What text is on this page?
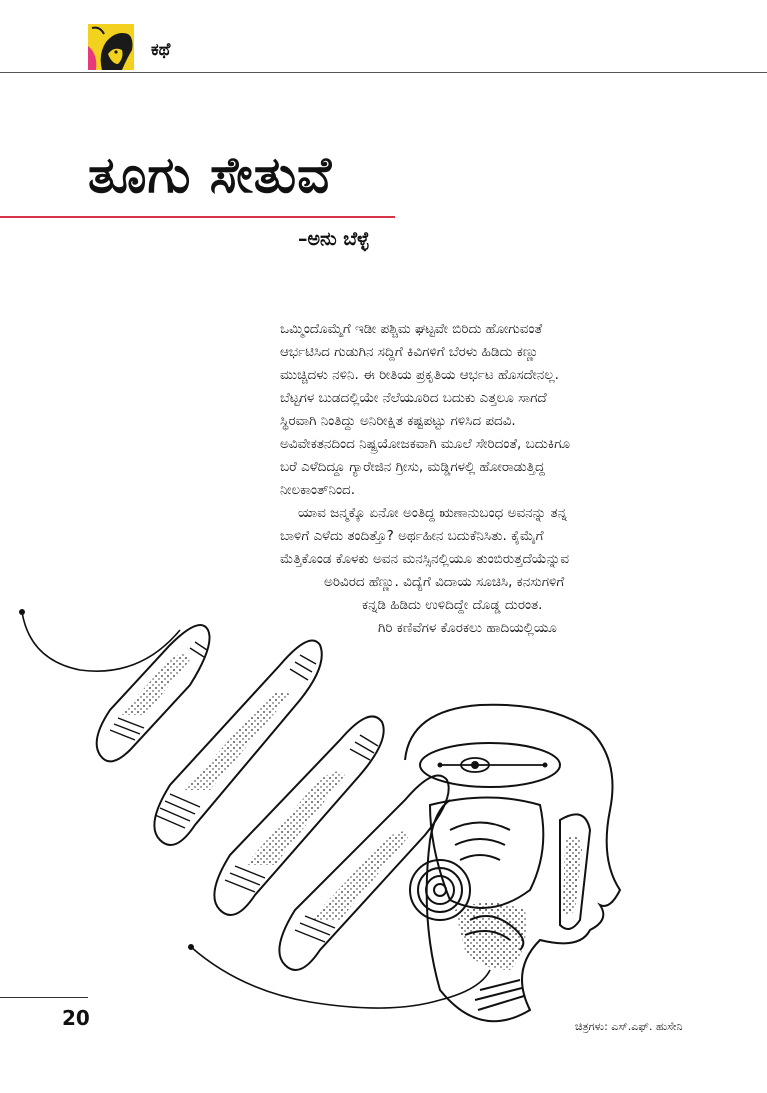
ಕಥೆ
ತೂಗು ಸೇತುವೆ
–ಅನು ಬೆಳ್ಳೆ

ಒಮ್ಮಿಂದೊಮ್ಮೆಗೆ ಇಡೀ ಪಶ್ಚಿಮ ಘಟ್ಟವೇ ಬಿರಿದು ಹೋಗುವಂತೆ
ಆರ್ಭಟಿಸಿದ ಗುಡುಗಿನ ಸದ್ದಿಗೆ ಕಿವಿಗಳಿಗೆ ಬೆರಳು ಹಿಡಿದು ಕಣ್ಣು
ಮುಚ್ಚಿದಳು ನಳಿನಿ. ಈ ರೀತಿಯ ಪ್ರಕೃತಿಯ ಆರ್ಭಟ ಹೊಸದೇನಲ್ಲ.
ಬೆಟ್ಟಗಳ ಬುಡದಲ್ಲಿಯೇ ನೆಲೆಯೂರಿದ ಬದುಕು ಎತ್ತಲೂ ಸಾಗದೆ
ಸ್ಥಿರವಾಗಿ ನಿಂತಿದ್ದು ಅನಿರೀಕ್ಷಿತ ಕಷ್ಟಪಟ್ಟು ಗಳಿಸಿದ ಪದವಿ.
ಅವಿವೇಕತನದಿಂದ ನಿಷ್ಪ್ರಯೋಜಕವಾಗಿ ಮೂಲೆ ಸೇರಿದಂತೆ, ಬದುಕಿಗೂ
ಬರೆ ಎಳೆದಿದ್ದೂ ಗ್ಯಾರೇಜಿನ ಗ್ರೀಸು, ಮಡ್ಡಿಗಳಲ್ಲಿ ಹೋರಾಡುತ್ತಿದ್ದ
ನೀಲಕಾಂತ್‌ನಿಂದ.

ಯಾವ ಜನ್ಮಕ್ಕೊ ಏನೋ ಅಂತಿದ್ದ ಋಣಾನುಬಂಧ ಅವನನ್ನು ತನ್ನ
ಬಾಳಿಗೆ ಎಳೆದು ತಂದಿತ್ತೊ? ಅರ್ಥಹೀನ ಬದುಕೆನಿಸಿತು. ಕೈಮೈಗೆ
ಮೆತ್ತಿಕೊಂಡ ಕೊಳಕು ಅವನ ಮನಸ್ಸಿನಲ್ಲಿಯೂ ತುಂಬಿರುತ್ತದೆಯೆನ್ನುವ
ಅರಿವಿರದ ಹೆಣ್ಣು. ವಿದ್ಯೆಗೆ ವಿದಾಯ ಸೂಚಿಸಿ, ಕನಸುಗಳಿಗೆ
ಕನ್ನಡಿ ಹಿಡಿದು ಉಳಿದಿದ್ದೇ ದೊಡ್ಡ ದುರಂತ.
ಗಿರಿ ಕಣಿವೆಗಳ ಕೊರಕಲು ಹಾದಿಯಲ್ಲಿಯೂ

20	ಚಿತ್ರಗಳು: ಎಸ್.ಎಫ್. ಹುಸೇನಿ
